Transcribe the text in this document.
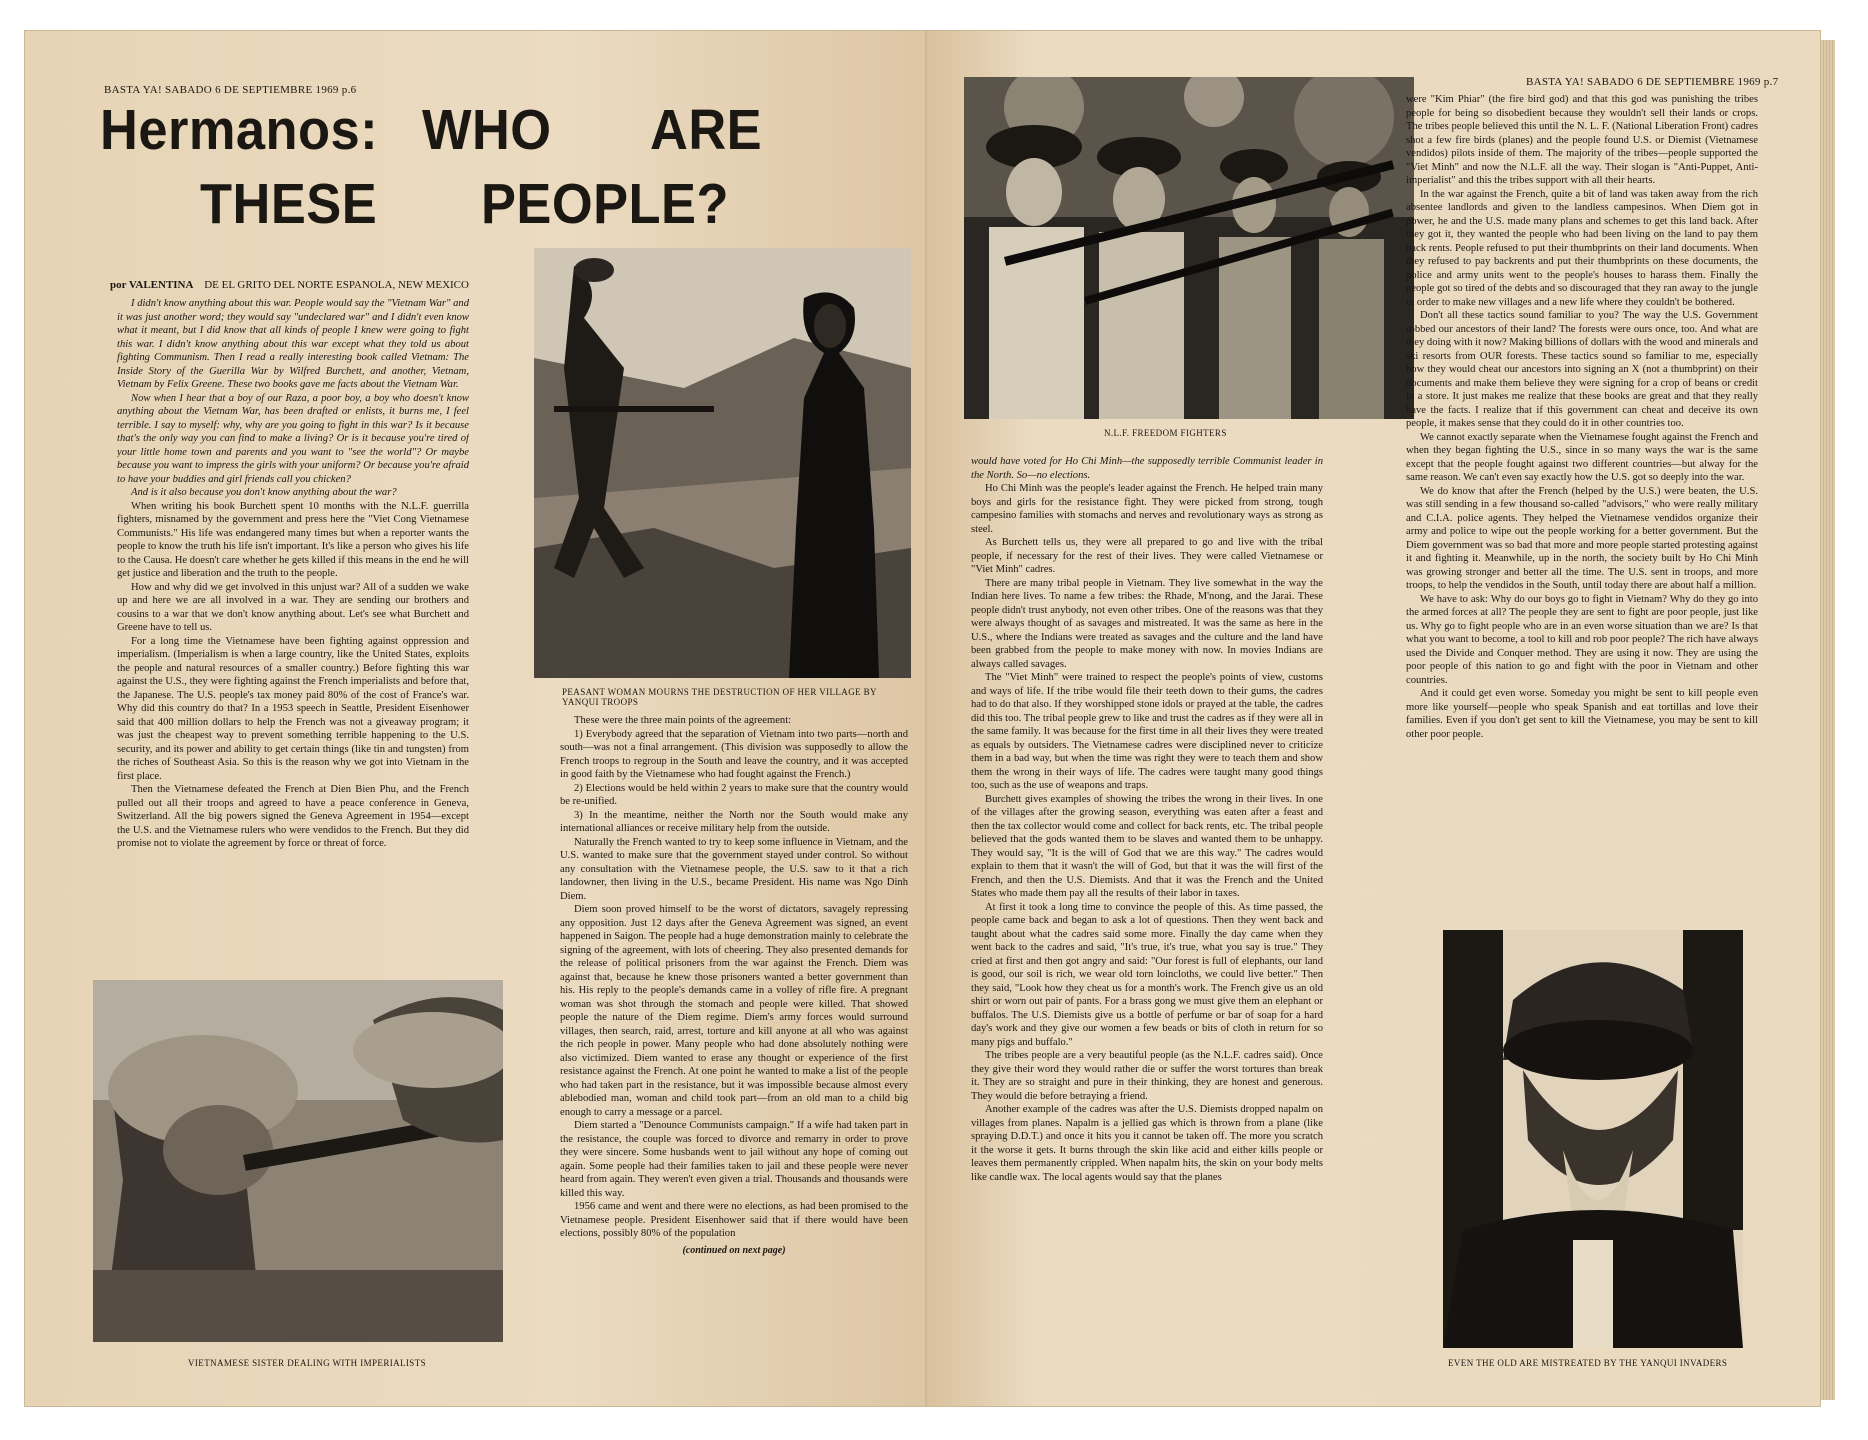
BASTA YA! SABADO 6 DE SEPTIEMBRE 1969 p.6
Hermanos: WHO ARE
THESE PEOPLE?
por VALENTINA DE EL GRITO DEL NORTE ESPANOLA, NEW MEXICO

I didn't know anything about this war. People would say the "Vietnam War" and it was just another word; they would say "undeclared war" and I didn't even know what it meant, but I did know that all kinds of people I knew were going to fight this war. I didn't know anything about this war except what they told us about fighting Communism. Then I read a really interesting book called Vietnam: The Inside Story of the Guerilla War by Wilfred Burchett, and another, Vietnam, Vietnam by Felix Greene. These two books gave me facts about the Vietnam War.

Now when I hear that a boy of our Raza, a poor boy, a boy who doesn't know anything about the Vietnam War, has been drafted or enlists, it burns me, I feel terrible. I say to myself: why, why are you going to fight in this war? Is it because that's the only way you can find to make a living? Or is it because you're tired of your little home town and parents and you want to "see the world"? Or maybe because you want to impress the girls with your uniform? Or because you're afraid to have your buddies and girl friends call you chicken?

And is it also because you don't know anything about the war?

When writing his book Burchett spent 10 months with the N.L.F. guerrilla fighters, misnamed by the government and press here the "Viet Cong Vietnamese Communists." His life was endangered many times but when a reporter wants the people to know the truth his life isn't important. It's like a person who gives his life to the Causa. He doesn't care whether he gets killed if this means in the end he will get justice and liberation and the truth to the people.

How and why did we get involved in this unjust war? All of a sudden we wake up and here we are all involved in a war. They are sending our brothers and cousins to a war that we don't know anything about. Let's see what Burchett and Greene have to tell us.

For a long time the Vietnamese have been fighting against oppression and imperialism. (Imperialism is when a large country, like the United States, exploits the people and natural resources of a smaller country.) Before fighting this war against the U.S., they were fighting against the French imperialists and before that, the Japanese. The U.S. people's tax money paid 80% of the cost of France's war. Why did this country do that? In a 1953 speech in Seattle, President Eisenhower said that 400 million dollars to help the French was not a giveaway program; it was just the cheapest way to prevent something terrible happening to the U.S. security, and its power and ability to get certain things (like tin and tungsten) from the riches of Southeast Asia. So this is the reason why we got into Vietnam in the first place.

Then the Vietnamese defeated the French at Dien Bien Phu, and the French pulled out all their troops and agreed to have a peace conference in Geneva, Switzerland. All the big powers signed the Geneva Agreement in 1954—except the U.S. and the Vietnamese rulers who were vendidos to the French. But they did promise not to violate the agreement by force or threat of force.

PEASANT WOMAN MOURNS THE DESTRUCTION OF HER VILLAGE BY YANQUI TROOPS

These were the three main points of the agreement:

1) Everybody agreed that the separation of Vietnam into two parts—north and south—was not a final arrangement. (This division was supposedly to allow the French troops to regroup in the South and leave the country, and it was accepted in good faith by the Vietnamese who had fought against the French.)

2) Elections would be held within 2 years to make sure that the country would be re-unified.

3) In the meantime, neither the North nor the South would make any international alliances or receive military help from the outside.

Naturally the French wanted to try to keep some influence in Vietnam, and the U.S. wanted to make sure that the government stayed under control. So without any consultation with the Vietnamese people, the U.S. saw to it that a rich landowner, then living in the U.S., became President. His name was Ngo Dinh Diem.

Diem soon proved himself to be the worst of dictators, savagely repressing any opposition. Just 12 days after the Geneva Agreement was signed, an event happened in Saigon. The people had a huge demonstration mainly to celebrate the signing of the agreement, with lots of cheering. They also presented demands for the release of political prisoners from the war against the French. Diem was against that, because he knew those prisoners wanted a better government than his. His reply to the people's demands came in a volley of rifle fire. A pregnant woman was shot through the stomach and people were killed. That showed people the nature of the Diem regime. Diem's army forces would surround villages, then search, raid, arrest, torture and kill anyone at all who was against the rich people in power. Many people who had done absolutely nothing were also victimized. Diem wanted to erase any thought or experience of the first resistance against the French. At one point he wanted to make a list of the people who had taken part in the resistance, but it was impossible because almost every ablebodied man, woman and child took part—from an old man to a child big enough to carry a message or a parcel.

Diem started a "Denounce Communists campaign." If a wife had taken part in the resistance, the couple was forced to divorce and remarry in order to prove they were sincere. Some husbands went to jail without any hope of coming out again. Some people had their families taken to jail and these people were never heard from again. They weren't even given a trial. Thousands and thousands were killed this way.

1956 came and went and there were no elections, as had been promised to the Vietnamese people. President Eisenhower said that if there would have been elections, possibly 80% of the population

(continued on next page)

VIETNAMESE SISTER DEALING WITH IMPERIALISTS
BASTA YA! SABADO 6 DE SEPTIEMBRE 1969 p.7
N.L.F. FREEDOM FIGHTERS

would have voted for Ho Chi Minh—the supposedly terrible Communist leader in the North. So—no elections.

Ho Chi Minh was the people's leader against the French. He helped train many boys and girls for the resistance fight. They were picked from strong, tough campesino families with stomachs and nerves and revolutionary ways as strong as steel.

As Burchett tells us, they were all prepared to go and live with the tribal people, if necessary for the rest of their lives. They were called Vietnamese or "Viet Minh" cadres.

There are many tribal people in Vietnam. They live somewhat in the way the Indian here lives. To name a few tribes: the Rhade, M'nong, and the Jarai. These people didn't trust anybody, not even other tribes. One of the reasons was that they were always thought of as savages and mistreated. It was the same as here in the U.S., where the Indians were treated as savages and the culture and the land have been grabbed from the people to make money with now. In movies Indians are always called savages.

The "Viet Minh" were trained to respect the people's points of view, customs and ways of life. If the tribe would file their teeth down to their gums, the cadres had to do that also. If they worshipped stone idols or prayed at the table, the cadres did this too. The tribal people grew to like and trust the cadres as if they were all in the same family. It was because for the first time in all their lives they were treated as equals by outsiders. The Vietnamese cadres were disciplined never to criticize them in a bad way, but when the time was right they were to teach them and show them the wrong in their ways of life. The cadres were taught many good things too, such as the use of weapons and traps.

Burchett gives examples of showing the tribes the wrong in their lives. In one of the villages after the growing season, everything was eaten after a feast and then the tax collector would come and collect for back rents, etc. The tribal people believed that the gods wanted them to be slaves and wanted them to be unhappy. They would say, "It is the will of God that we are this way." The cadres would explain to them that it wasn't the will of God, but that it was the will first of the French, and then the U.S. Diemists. And that it was the French and the United States who made them pay all the results of their labor in taxes.

At first it took a long time to convince the people of this. As time passed, the people came back and began to ask a lot of questions. Then they went back and taught about what the cadres said some more. Finally the day came when they went back to the cadres and said, "It's true, it's true, what you say is true." They cried at first and then got angry and said: "Our forest is full of elephants, our land is good, our soil is rich, we wear old torn loincloths, we could live better." Then they said, "Look how they cheat us for a month's work. The French give us an old shirt or worn out pair of pants. For a brass gong we must give them an elephant or buffalos. The U.S. Diemists give us a bottle of perfume or bar of soap for a hard day's work and they give our women a few beads or bits of cloth in return for so many pigs and buffalo."

The tribes people are a very beautiful people (as the N.L.F. cadres said). Once they give their word they would rather die or suffer the worst tortures than break it. They are so straight and pure in their thinking, they are honest and generous. They would die before betraying a friend.

Another example of the cadres was after the U.S. Diemists dropped napalm on villages from planes. Napalm is a jellied gas which is thrown from a plane (like spraying D.D.T.) and once it hits you it cannot be taken off. The more you scratch it the worse it gets. It burns through the skin like acid and either kills people or leaves them permanently crippled. When napalm hits, the skin on your body melts like candle wax. The local agents would say that the planes

were "Kim Phiar" (the fire bird god) and that this god was punishing the tribes people for being so disobedient because they wouldn't sell their lands or crops. The tribes people believed this until the N. L. F. (National Liberation Front) cadres shot a few fire birds (planes) and the people found U.S. or Diemist (Vietnamese vendidos) pilots inside of them. The majority of the tribes—people supported the "Viet Minh" and now the N.L.F. all the way. Their slogan is "Anti-Puppet, Anti-imperialist" and this the tribes support with all their hearts.

In the war against the French, quite a bit of land was taken away from the rich absentee landlords and given to the landless campesinos. When Diem got in power, he and the U.S. made many plans and schemes to get this land back. After they got it, they wanted the people who had been living on the land to pay them back rents. People refused to put their thumbprints on their land documents. When they refused to pay backrents and put their thumbprints on these documents, the police and army units went to the people's houses to harass them. Finally the people got so tired of the debts and so discouraged that they ran away to the jungle in order to make new villages and a new life where they couldn't be bothered.

Don't all these tactics sound familiar to you? The way the U.S. Government robbed our ancestors of their land? The forests were ours once, too. And what are they doing with it now? Making billions of dollars with the wood and minerals and ski resorts from OUR forests. These tactics sound so familiar to me, especially how they would cheat our ancestors into signing an X (not a thumbprint) on their documents and make them believe they were signing for a crop of beans or credit in a store. It just makes me realize that these books are great and that they really have the facts. I realize that if this government can cheat and deceive its own people, it makes sense that they could do it in other countries too.

We cannot exactly separate when the Vietnamese fought against the French and when they began fighting the U.S., since in so many ways the war is the same except that the people fought against two different countries—but alway for the same reason. We can't even say exactly how the U.S. got so deeply into the war.

We do know that after the French (helped by the U.S.) were beaten, the U.S. was still sending in a few thousand so-called "advisors," who were really military and C.I.A. police agents. They helped the Vietnamese vendidos organize their army and police to wipe out the people working for a better government. But the Diem government was so bad that more and more people started protesting against it and fighting it. Meanwhile, up in the north, the society built by Ho Chi Minh was growing stronger and better all the time. The U.S. sent in troops, and more troops, to help the vendidos in the South, until today there are about half a million.

We have to ask: Why do our boys go to fight in Vietnam? Why do they go into the armed forces at all? The people they are sent to fight are poor people, just like us. Why go to fight people who are in an even worse situation than we are? Is that what you want to become, a tool to kill and rob poor people? The rich have always used the Divide and Conquer method. They are using it now. They are using the poor people of this nation to go and fight with the poor in Vietnam and other countries.

And it could get even worse. Someday you might be sent to kill people even more like yourself—people who speak Spanish and eat tortillas and love their families. Even if you don't get sent to kill the Vietnamese, you may be sent to kill other poor people.

EVEN THE OLD ARE MISTREATED BY THE YANQUI INVADERS
